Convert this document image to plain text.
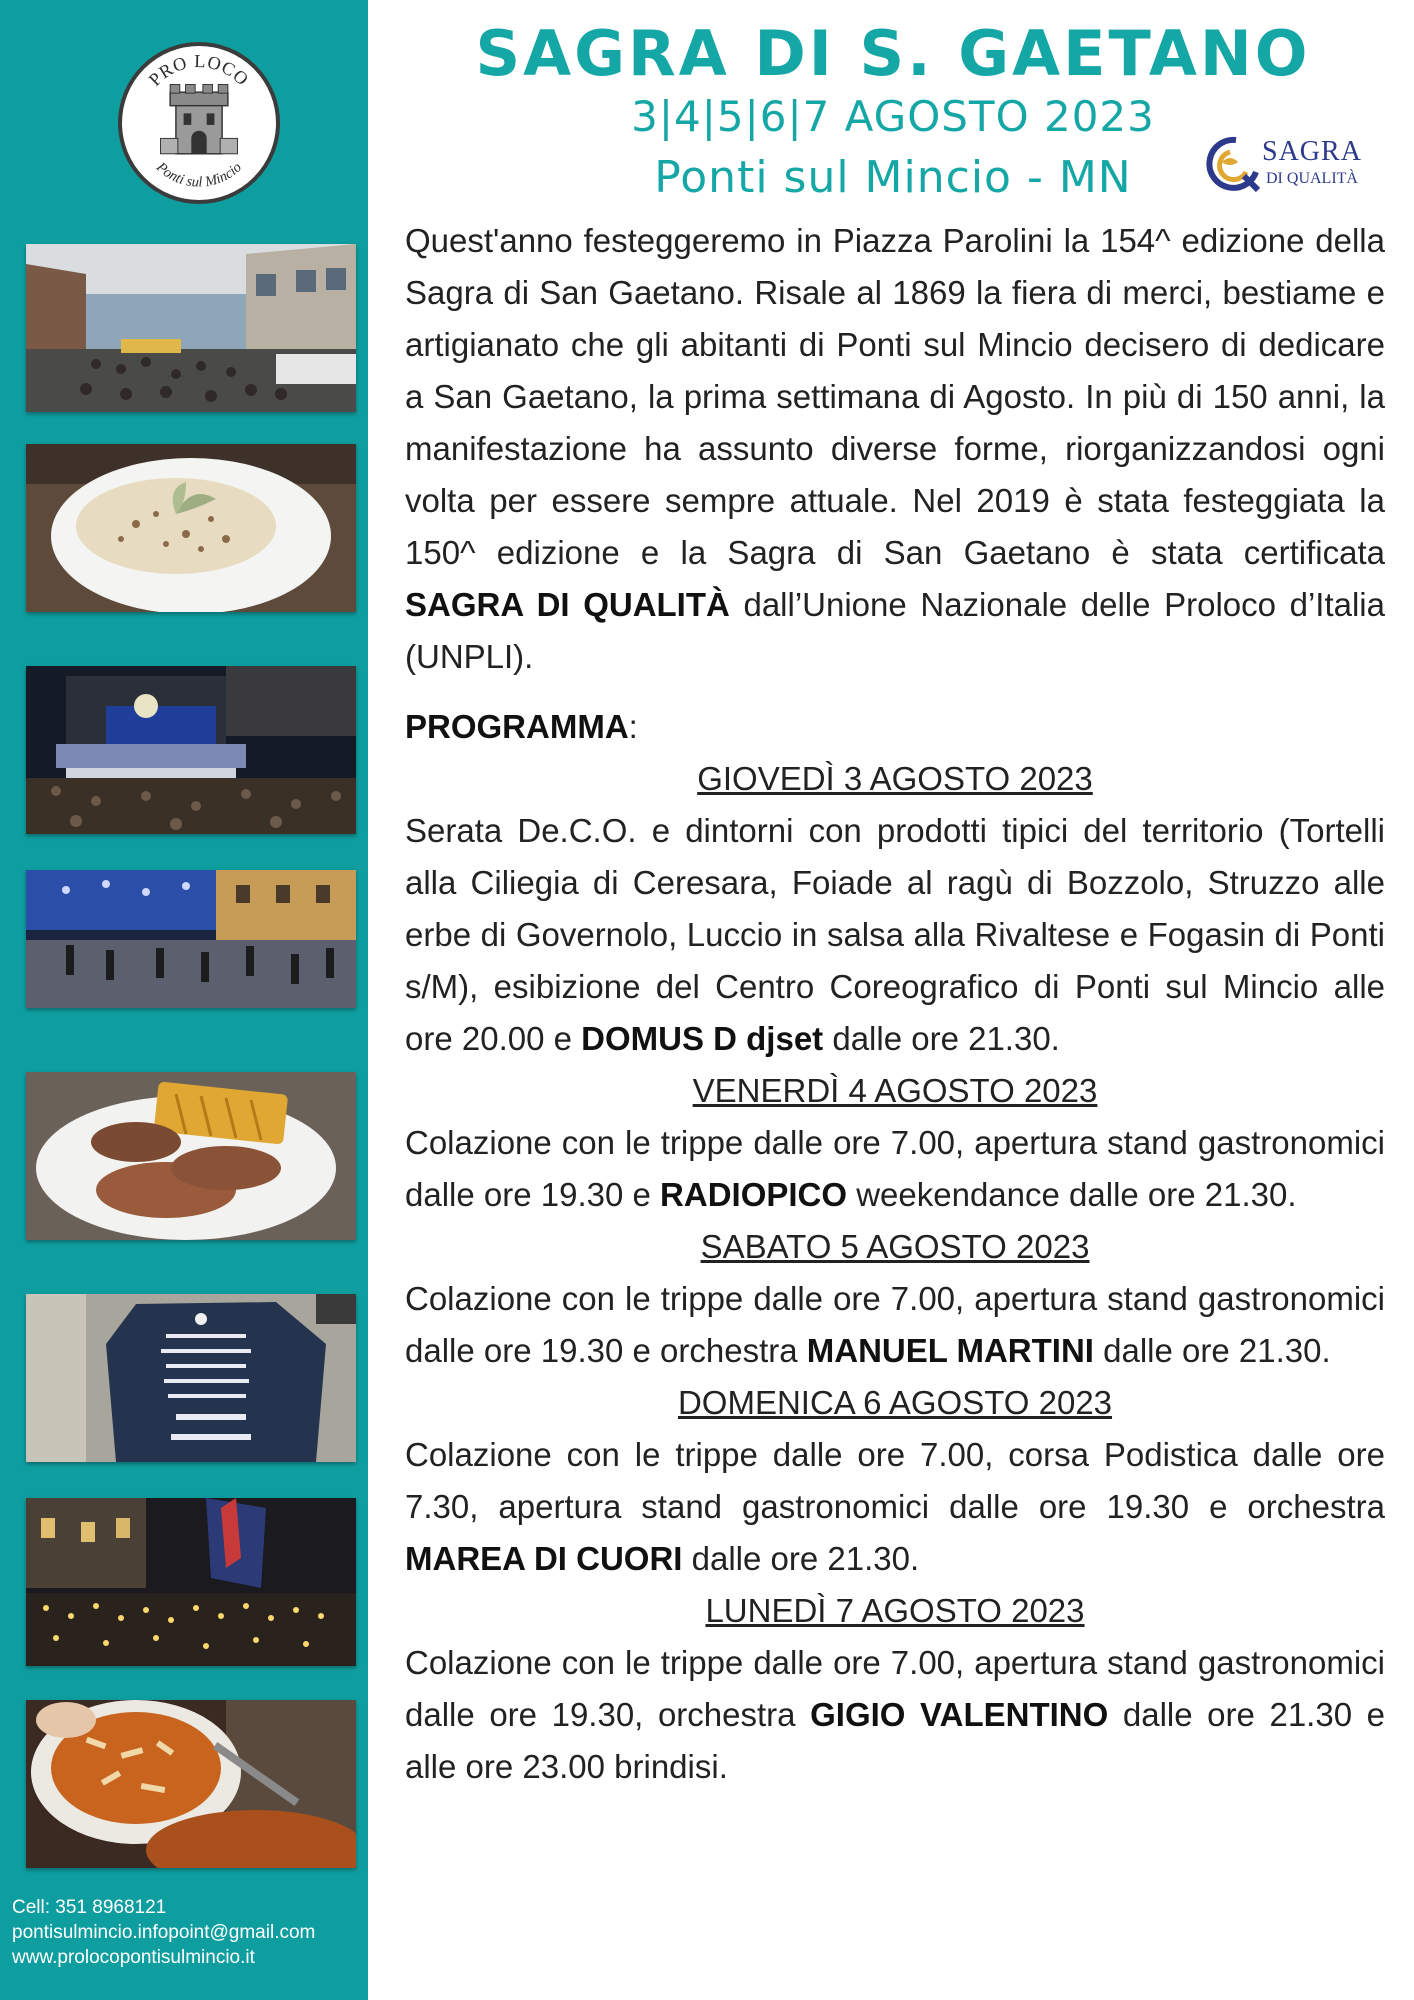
PRO LOCO
Ponti sul Mincio
Cell: 351 8968121
pontisulmincio.infopoint@gmail.com
www.prolocopontisulmincio.it
SAGRA DI S. GAETANO
3|4|5|6|7 AGOSTO 2023
Ponti sul Mincio - MN
SAGRA
DI QUALITÀ

Quest'anno festeggeremo in Piazza Parolini la 154^ edizione della Sagra di San Gaetano. Risale al 1869 la fiera di merci, bestiame e artigianato che gli abitanti di Ponti sul Mincio decisero di dedicare a San Gaetano, la prima settimana di Agosto. In più di 150 anni, la manifestazione ha assunto diverse forme, riorganizzandosi ogni volta per essere sempre attuale. Nel 2019 è stata festeggiata la 150^ edizione e la Sagra di San Gaetano è stata certificata SAGRA DI QUALITÀ dall’Unione Nazionale delle Proloco d’Italia (UNPLI).

PROGRAMMA:

GIOVEDÌ 3 AGOSTO 2023

Serata De.C.O. e dintorni con prodotti tipici del territorio (Tortelli alla Ciliegia di Ceresara, Foiade al ragù di Bozzolo, Struzzo alle erbe di Governolo, Luccio in salsa alla Rivaltese e Fogasin di Ponti s/M), esibizione del Centro Coreografico di Ponti sul Mincio alle ore 20.00 e DOMUS D djset dalle ore 21.30.

VENERDÌ 4 AGOSTO 2023

Colazione con le trippe dalle ore 7.00, apertura stand gastronomici dalle ore 19.30 e RADIOPICO weekendance dalle ore 21.30.

SABATO 5 AGOSTO 2023

Colazione con le trippe dalle ore 7.00, apertura stand gastronomici dalle ore 19.30 e orchestra MANUEL MARTINI dalle ore 21.30.

DOMENICA 6 AGOSTO 2023

Colazione con le trippe dalle ore 7.00, corsa Podistica dalle ore 7.30, apertura stand gastronomici dalle ore 19.30 e orchestra MAREA DI CUORI dalle ore 21.30.

LUNEDÌ 7 AGOSTO 2023

Colazione con le trippe dalle ore 7.00, apertura stand gastronomici dalle ore 19.30, orchestra GIGIO VALENTINO dalle ore 21.30 e alle ore 23.00 brindisi.
